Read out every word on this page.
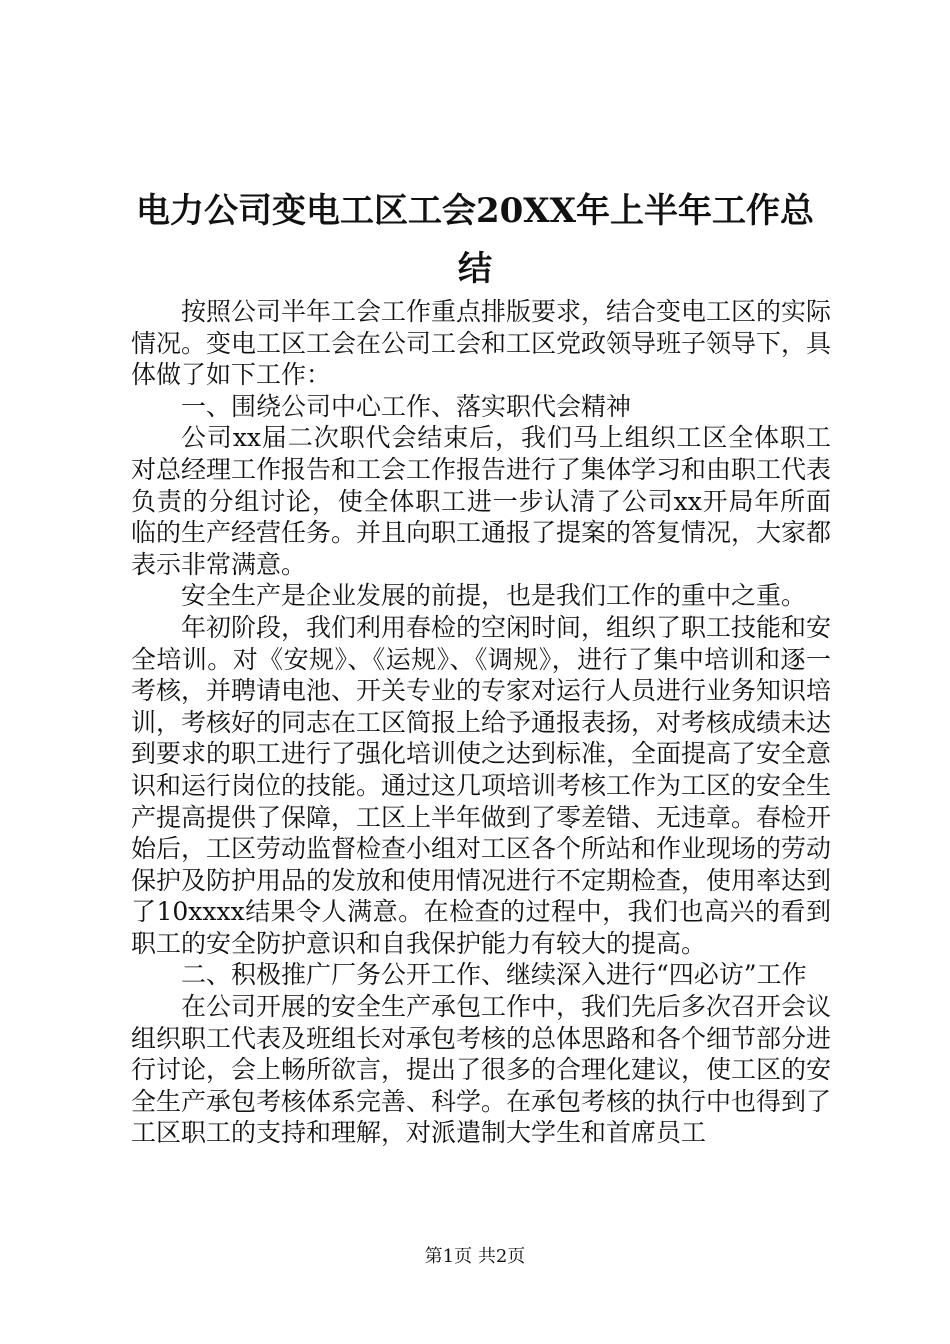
电力公司变电工区工会20XX年上半年工作总结

按照公司半年工会工作重点排版要求，结合变电工区的实际情况。变电工区工会在公司工会和工区党政领导班子领导下，具体做了如下工作：

一、围绕公司中心工作、落实职代会精神

公司xx届二次职代会结束后，我们马上组织工区全体职工对总经理工作报告和工会工作报告进行了集体学习和由职工代表负责的分组讨论，使全体职工进一步认清了公司xx开局年所面临的生产经营任务。并且向职工通报了提案的答复情况，大家都表示非常满意。

安全生产是企业发展的前提，也是我们工作的重中之重。

年初阶段，我们利用春检的空闲时间，组织了职工技能和安全培训。对《安规》、《运规》、《调规》，进行了集中培训和逐一考核，并聘请电池、开关专业的专家对运行人员进行业务知识培训，考核好的同志在工区简报上给予通报表扬，对考核成绩未达到要求的职工进行了强化培训使之达到标准，全面提高了安全意识和运行岗位的技能。通过这几项培训考核工作为工区的安全生产提高提供了保障，工区上半年做到了零差错、无违章。春检开始后，工区劳动监督检查小组对工区各个所站和作业现场的劳动保护及防护用品的发放和使用情况进行不定期检查，使用率达到了10xxxx结果令人满意。在检查的过程中，我们也高兴的看到职工的安全防护意识和自我保护能力有较大的提高。

二、积极推广厂务公开工作、继续深入进行“四必访”工作

在公司开展的安全生产承包工作中，我们先后多次召开会议组织职工代表及班组长对承包考核的总体思路和各个细节部分进行讨论，会上畅所欲言，提出了很多的合理化建议，使工区的安全生产承包考核体系完善、科学。在承包考核的执行中也得到了工区职工的支持和理解，对派遣制大学生和首席员工

第1页 共2页
